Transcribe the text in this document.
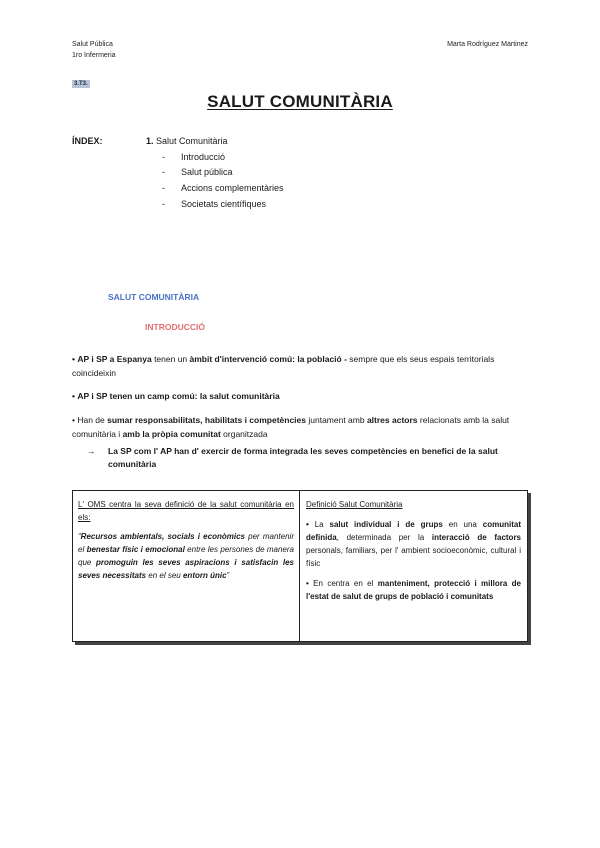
Salut Pública
1ro Infermeria
Marta Rodríguez Martinez
3.T3.
SALUT COMUNITÀRIA
ÍNDEX:	1. Salut Comunitària
- Introducció
- Salut pública
- Accions complementàries
- Societats científiques
SALUT COMUNITÀRIA
INTRODUCCIÓ
• AP i SP a Espanya tenen un àmbit d'intervenció comú: la població - sempre que els seus espais territorials coincideixin
• AP i SP tenen un camp comú: la salut comunitària
• Han de sumar responsabilitats, habilitats i competències juntament amb altres actors relacionats amb la salut comunitària i amb la pròpia comunitat organitzada
→ La SP com l' AP han d' exercir de forma integrada les seves competències en benefici de la salut comunitària
L' OMS centra la seva definició de la salut comunitària en els:
“Recursos ambientals, socials i econòmics per mantenir el benestar físic i emocional entre les persones de manera que promoguin les seves aspiracions i satisfacin les seves necessitats en el seu entorn únic”
Definició Salut Comunitària
• La salut individual i de grups en una comunitat definida, determinada per la interacció de factors personals, familiars, per l' ambient socioeconòmic, cultural i físic
• En centra en el manteniment, protecció i millora de l'estat de salut de grups de població i comunitats
